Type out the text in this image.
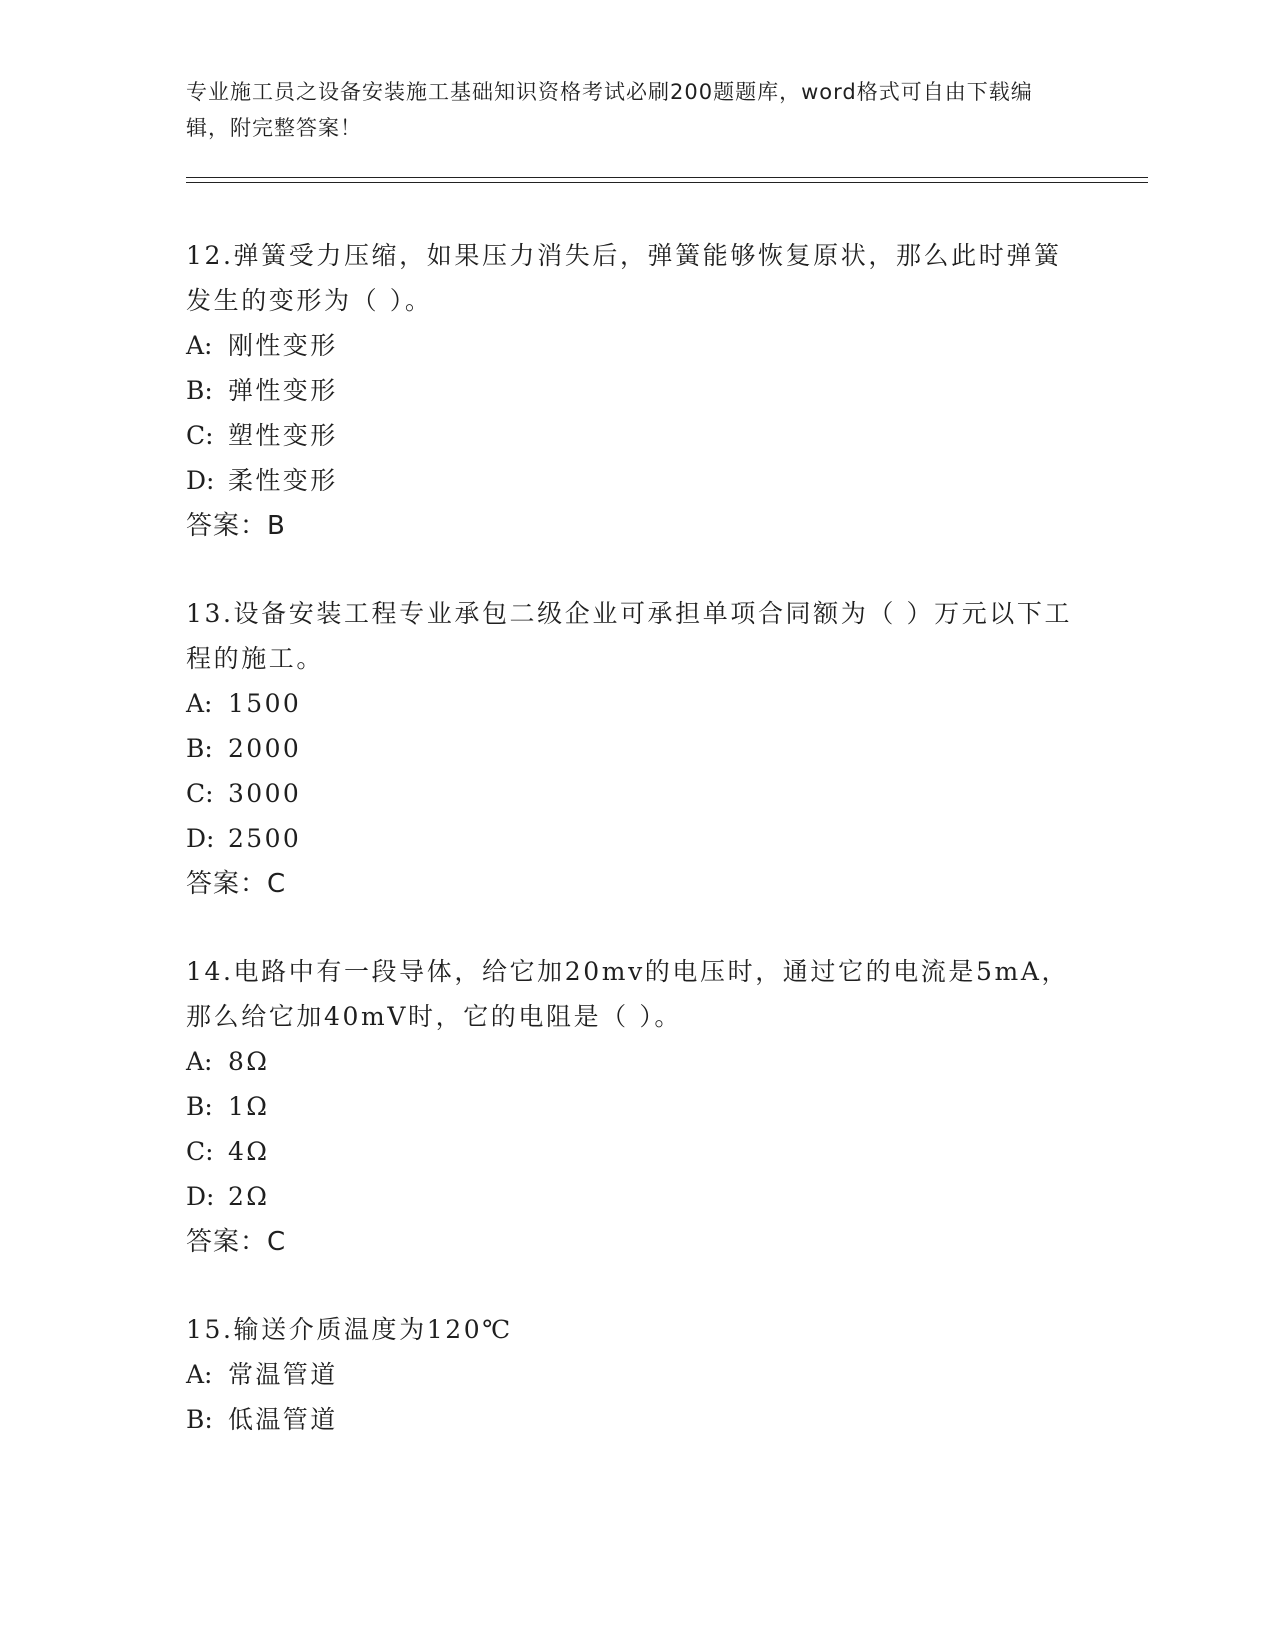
专业施工员之设备安装施工基础知识资格考试必刷200题题库，word格式可自由下载编辑，附完整答案！

12.弹簧受力压缩，如果压力消失后，弹簧能够恢复原状，那么此时弹簧发生的变形为（ ）。

A: 刚性变形

B: 弹性变形

C: 塑性变形

D: 柔性变形

答案：B

13.设备安装工程专业承包二级企业可承担单项合同额为（ ）万元以下工程的施工。

A: 1500

B: 2000

C: 3000

D: 2500

答案：C

14.电路中有一段导体，给它加20mv的电压时，通过它的电流是5mA，那么给它加40mV时，它的电阻是（ ）。

A: 8Ω

B: 1Ω

C: 4Ω

D: 2Ω

答案：C

15.输送介质温度为120℃

A: 常温管道

B: 低温管道
